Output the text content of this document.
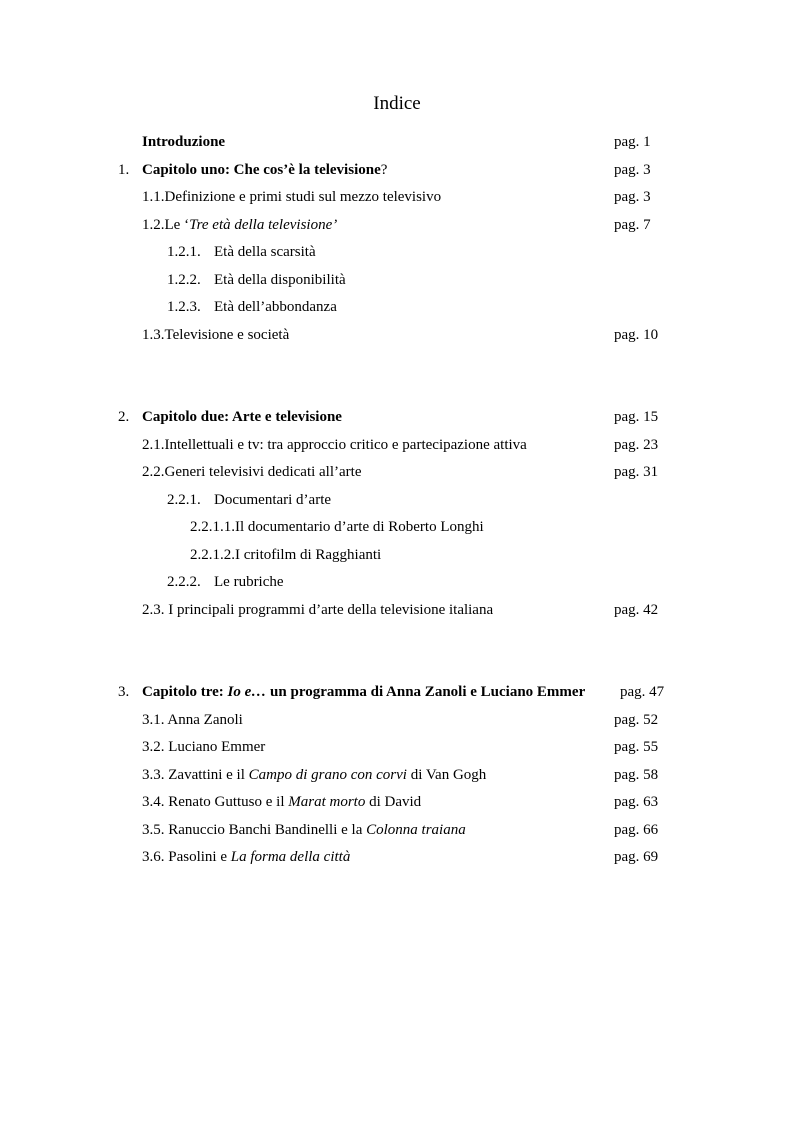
Indice
Introduzione	pag. 1
1. Capitolo uno: Che cos’è la televisione?	pag. 3
1.1.Definizione e primi studi sul mezzo televisivo	pag. 3
1.2.Le ‘Tre età della televisione’	pag. 7
1.2.1. Età della scarsità
1.2.2. Età della disponibilità
1.2.3. Età dell’abbondanza
1.3.Televisione e società	pag. 10
2. Capitolo due: Arte e televisione	pag. 15
2.1.Intellettuali e tv: tra approccio critico e partecipazione attiva	pag. 23
2.2.Generi televisivi dedicati all’arte	pag. 31
2.2.1. Documentari d’arte
2.2.1.1.Il documentario d’arte di Roberto Longhi
2.2.1.2.I critofilm di Ragghianti
2.2.2. Le rubriche
2.3. I principali programmi d’arte della televisione italiana	pag. 42
3. Capitolo tre: Io e… un programma di Anna Zanoli e Luciano Emmer pag. 47
3.1. Anna Zanoli	pag. 52
3.2. Luciano Emmer	pag. 55
3.3. Zavattini e il Campo di grano con corvi di Van Gogh	pag. 58
3.4. Renato Guttuso e il Marat morto di David	pag. 63
3.5. Ranuccio Banchi Bandinelli e la Colonna traiana	pag. 66
3.6. Pasolini e La forma della città	pag. 69
